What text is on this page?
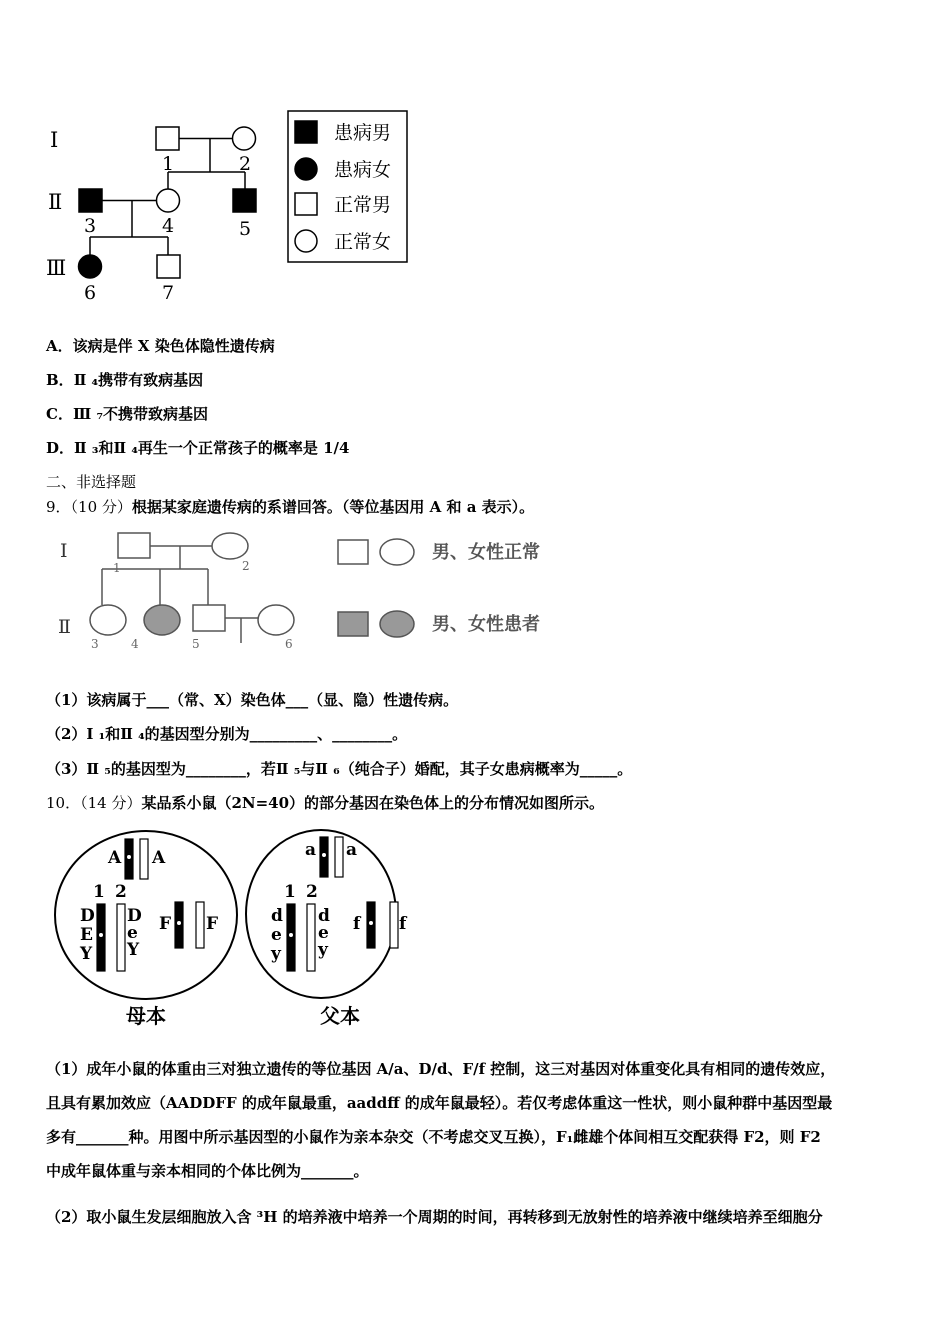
Ⅰ
Ⅱ
Ⅲ
1	2
3	4	5
6	7
患病男
患病女
正常男
正常女
A．该病是伴 X 染色体隐性遗传病
B．Ⅱ ₄携带有致病基因
C．Ⅲ ₇不携带致病基因
D．Ⅱ ₃和Ⅱ ₄再生一个正常孩子的概率是 1/4
二、非选择题
9．（10 分）根据某家庭遗传病的系谱回答。（等位基因用 A 和 a 表示）。
Ⅰ
Ⅱ
1	2
3	4	5	6
男、女性正常
男、女性患者
（1）该病属于___（常、X）染色体___（显、隐）性遗传病。
（2）Ⅰ ₁和Ⅱ ₄的基因型分别为_________、________。
（3）Ⅱ ₅的基因型为________，若Ⅱ ₅与Ⅱ ₆（纯合子）婚配，其子女患病概率为_____。
10．（14 分）某品系小鼠（2N=40）的部分基因在染色体上的分布情况如图所示。
A A
1 2
D
E
Y
D
e
Y
F F
a a
1 2
d
e
y
d
e
y
f f
母本	父本
（1）成年小鼠的体重由三对独立遗传的等位基因 A/a、D/d、F/f 控制，这三对基因对体重变化具有相同的遗传效应，
且具有累加效应（AADDFF 的成年鼠最重，aaddff 的成年鼠最轻）。若仅考虑体重这一性状，则小鼠种群中基因型最
多有_______种。用图中所示基因型的小鼠作为亲本杂交（不考虑交叉互换），F₁雌雄个体间相互交配获得 F2，则 F2
中成年鼠体重与亲本相同的个体比例为_______。
（2）取小鼠生发层细胞放入含 ³H 的培养液中培养一个周期的时间，再转移到无放射性的培养液中继续培养至细胞分
